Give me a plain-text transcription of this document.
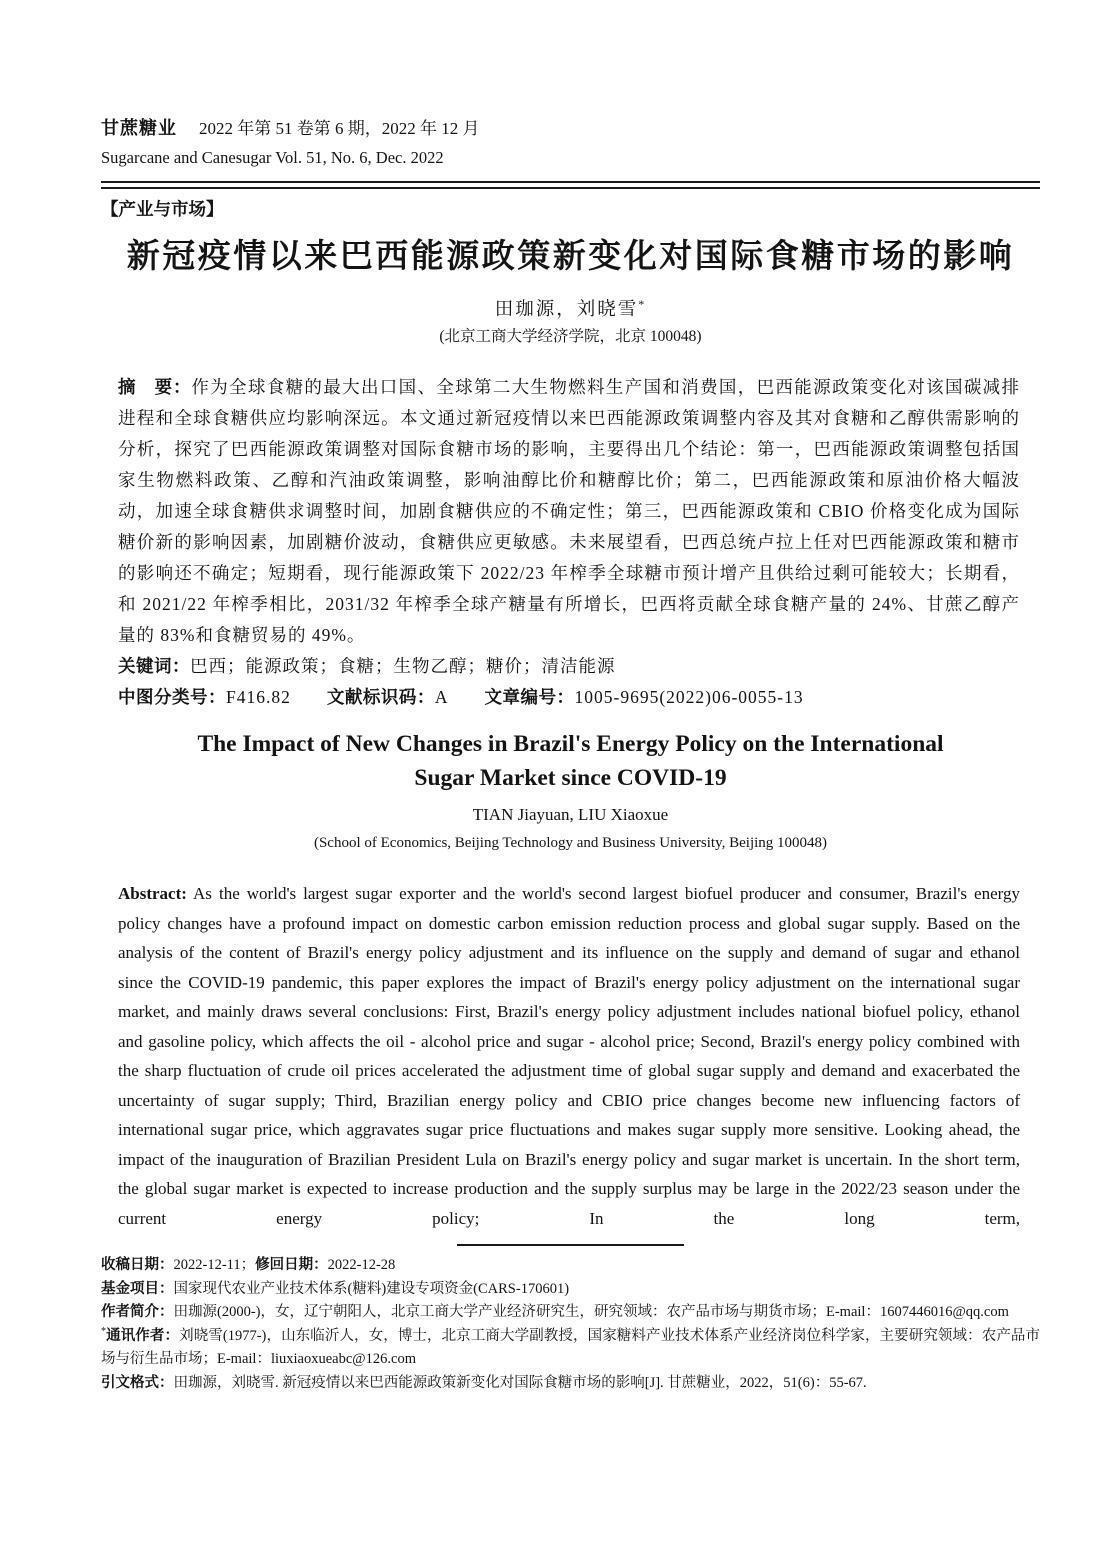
甘蔗糖业 2022 年第 51 卷第 6 期，2022 年 12 月
Sugarcane and Canesugar Vol. 51, No. 6, Dec. 2022
【产业与市场】
新冠疫情以来巴西能源政策新变化对国际食糖市场的影响
田珈源，刘晓雪*
(北京工商大学经济学院，北京 100048)

摘　要：作为全球食糖的最大出口国、全球第二大生物燃料生产国和消费国，巴西能源政策变化对该国碳减排进程和全球食糖供应均影响深远。本文通过新冠疫情以来巴西能源政策调整内容及其对食糖和乙醇供需影响的分析，探究了巴西能源政策调整对国际食糖市场的影响，主要得出几个结论：第一，巴西能源政策调整包括国家生物燃料政策、乙醇和汽油政策调整，影响油醇比价和糖醇比价；第二，巴西能源政策和原油价格大幅波动，加速全球食糖供求调整时间，加剧食糖供应的不确定性；第三，巴西能源政策和 CBIO 价格变化成为国际糖价新的影响因素，加剧糖价波动，食糖供应更敏感。未来展望看，巴西总统卢拉上任对巴西能源政策和糖市的影响还不确定；短期看，现行能源政策下 2022/23 年榨季全球糖市预计增产且供给过剩可能较大；长期看，和 2021/22 年榨季相比，2031/32 年榨季全球产糖量有所增长，巴西将贡献全球食糖产量的 24%、甘蔗乙醇产量的 83%和食糖贸易的 49%。

关键词：巴西；能源政策；食糖；生物乙醇；糖价；清洁能源

中图分类号：F416.82 文献标识码：A 文章编号：1005-9695(2022)06-0055-13

The Impact of New Changes in Brazil's Energy Policy on the International
Sugar Market since COVID-19
TIAN Jiayuan, LIU Xiaoxue
(School of Economics, Beijing Technology and Business University, Beijing 100048)

Abstract: As the world's largest sugar exporter and the world's second largest biofuel producer and consumer, Brazil's energy policy changes have a profound impact on domestic carbon emission reduction process and global sugar supply. Based on the analysis of the content of Brazil's energy policy adjustment and its influence on the supply and demand of sugar and ethanol since the COVID-19 pandemic, this paper explores the impact of Brazil's energy policy adjustment on the international sugar market, and mainly draws several conclusions: First, Brazil's energy policy adjustment includes national biofuel policy, ethanol and gasoline policy, which affects the oil - alcohol price and sugar - alcohol price; Second, Brazil's energy policy combined with the sharp fluctuation of crude oil prices accelerated the adjustment time of global sugar supply and demand and exacerbated the uncertainty of sugar supply; Third, Brazilian energy policy and CBIO price changes become new influencing factors of international sugar price, which aggravates sugar price fluctuations and makes sugar supply more sensitive. Looking ahead, the impact of the inauguration of Brazilian President Lula on Brazil's energy policy and sugar market is uncertain. In the short term, the global sugar market is expected to increase production and the supply surplus may be large in the 2022/23 season under the current energy policy; In the long term,

收稿日期：2022-12-11；修回日期：2022-12-28

基金项目：国家现代农业产业技术体系(糖料)建设专项资金(CARS-170601)

作者简介：田珈源(2000-)，女，辽宁朝阳人，北京工商大学产业经济研究生，研究领域：农产品市场与期货市场；E-mail：1607446016@qq.com

*通讯作者：刘晓雪(1977-)，山东临沂人，女，博士，北京工商大学副教授，国家糖料产业技术体系产业经济岗位科学家，主要研究领域：农产品市场与衍生品市场；E-mail：liuxiaoxueabc@126.com

引文格式：田珈源，刘晓雪. 新冠疫情以来巴西能源政策新变化对国际食糖市场的影响[J]. 甘蔗糖业，2022，51(6)：55-67.
